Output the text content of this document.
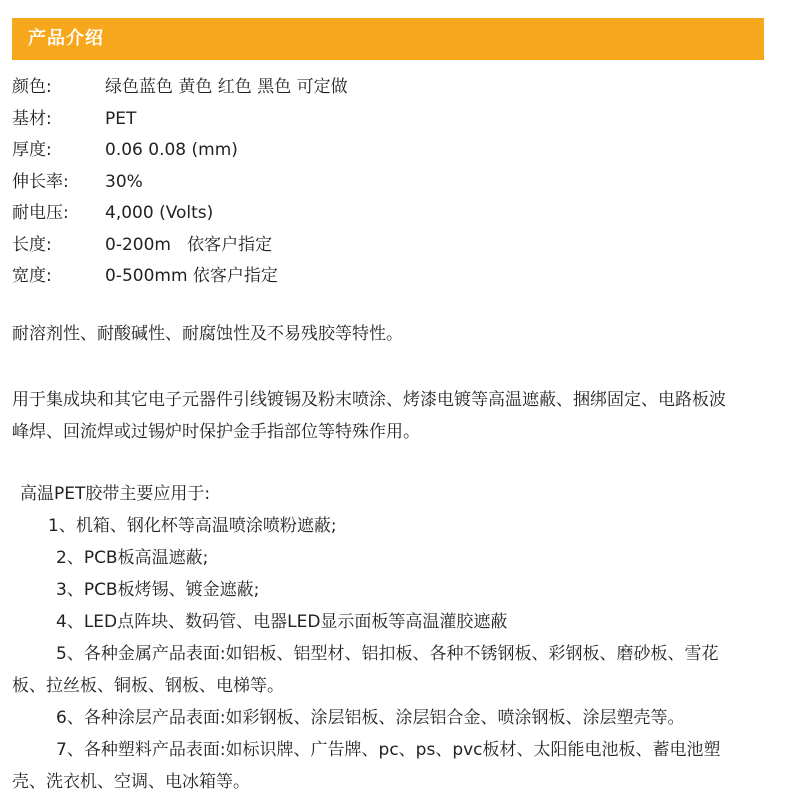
产品介绍
颜色:	绿色蓝色 黄色 红色 黑色 可定做
基材:	PET
厚度:	0.06 0.08 (mm)
伸长率: 30%
耐电压: 4,000 (Volts)
长度:	0-200m   依客户指定
宽度:	0-500mm 依客户指定
耐溶剂性、耐酸碱性、耐腐蚀性及不易残胶等特性。
用于集成块和其它电子元器件引线镀锡及粉末喷涂、烤漆电镀等高温遮蔽、捆绑固定、电路板波
峰焊、回流焊或过锡炉时保护金手指部位等特殊作用。
高温PET胶带主要应用于:
1、机箱、钢化杯等高温喷涂喷粉遮蔽;
2、PCB板高温遮蔽;
3、PCB板烤锡、镀金遮蔽;
4、LED点阵块、数码管、电器LED显示面板等高温灌胶遮蔽
5、各种金属产品表面:如铝板、铝型材、铝扣板、各种不锈钢板、彩钢板、磨砂板、雪花
板、拉丝板、铜板、钢板、电梯等。
6、各种涂层产品表面:如彩钢板、涂层铝板、涂层铝合金、喷涂钢板、涂层塑壳等。
7、各种塑料产品表面:如标识牌、广告牌、pc、ps、pvc板材、太阳能电池板、蓄电池塑
壳、洗衣机、空调、电冰箱等。
